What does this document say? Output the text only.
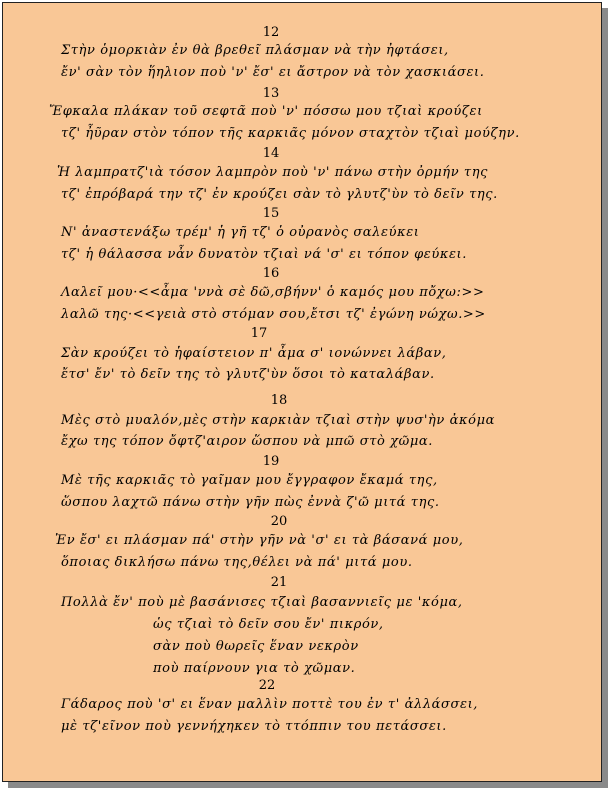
12
Στὴν ὁμορκιὰν ἐν θὰ βρεθεῖ πλάσμαν νὰ τὴν ἠφτάσει,
ἔν' σὰν τὸν ἥηλιον ποὺ 'ν' ἔσ' ει ἄστρον νὰ τὸν χασκιάσει.
13
Ἔφκαλα πλάκαν τοῦ σεφτᾶ ποὺ 'ν' πόσσω μου τζιαὶ κρούζει
τζ' ἦῦραν στὸν τόπον τῆς καρκιᾶς μόνον σταχτὸν τζιαὶ μούζην.
14
Ἡ λαμπρατζ'ιὰ τόσον λαμπρὸν ποὺ 'ν' πάνω στὴν ὀρμήν της
τζ' ἐπρόβαρά την τζ' ἐν κρούζει σὰν τὸ γλυτζ'ὺν τὸ δεῖν της.
15
Ν' ἀναστενάξω τρέμ' ἡ γῆ τζ' ὁ οὐρανὸς σαλεύκει
τζ' ἡ θάλασσα νἆν δυνατὸν τζιαὶ νά 'σ' ει τόπον φεύκει.
16
Λαλεῖ μου·<<ἆμα 'ννὰ σὲ δῶ,σβήνν' ὁ καμός μου πὄχω:>>
λαλῶ της·<<γειὰ στὸ στόμαν σου,ἔτσι τζ' ἐγώνη νώχω.>>
17
Σὰν κρούζει τὸ ἡφαίστειον π' ἆμα σ' ιονώννει λάβαν,
ἔτσ' ἔν' τὸ δεῖν της τὸ γλυτζ'ὺν ὅσοι τὸ καταλάβαν.
18
Μὲς στὸ μυαλόν,μὲς στὴν καρκιὰν τζιαὶ στὴν ψυσ'ὴν ἀκόμα
ἔχω της τόπον ὄφτζ'αιρον ὥσπου νὰ μπῶ στὸ χῶμα.
19
Μὲ τῆς καρκιᾶς τὸ γαῖμαν μου ἔγγραφον ἔκαμά της,
ὥσπου λαχτῶ πάνω στὴν γῆν πὼς ἐννὰ ζ'ῶ μιτά της.
20
Ἐν ἔσ' ει πλάσμαν πά' στὴν γῆν νὰ 'σ' ει τὰ βάσανά μου,
ὅποιας δικλήσω πάνω της,θέλει νὰ πά' μιτά μου.
21
Πολλὰ ἔν' ποὺ μὲ βασάνισες τζιαὶ βασαννιεῖς με 'κόμα,
ὡς τζιαὶ τὸ δεῖν σου ἔν' πικρόν,
σὰν ποὺ θωρεῖς ἕναν νεκρὸν
ποὺ παίρνουν για τὸ χῶμαν.
22
Γάδαρος ποὺ 'σ' ει ἕναν μαλλὶν ποττὲ του ἐν τ' ἀλλάσσει,
μὲ τζ'εῖνον ποὺ γεννήχηκεν τὸ ττόππιν του πετάσσει.
